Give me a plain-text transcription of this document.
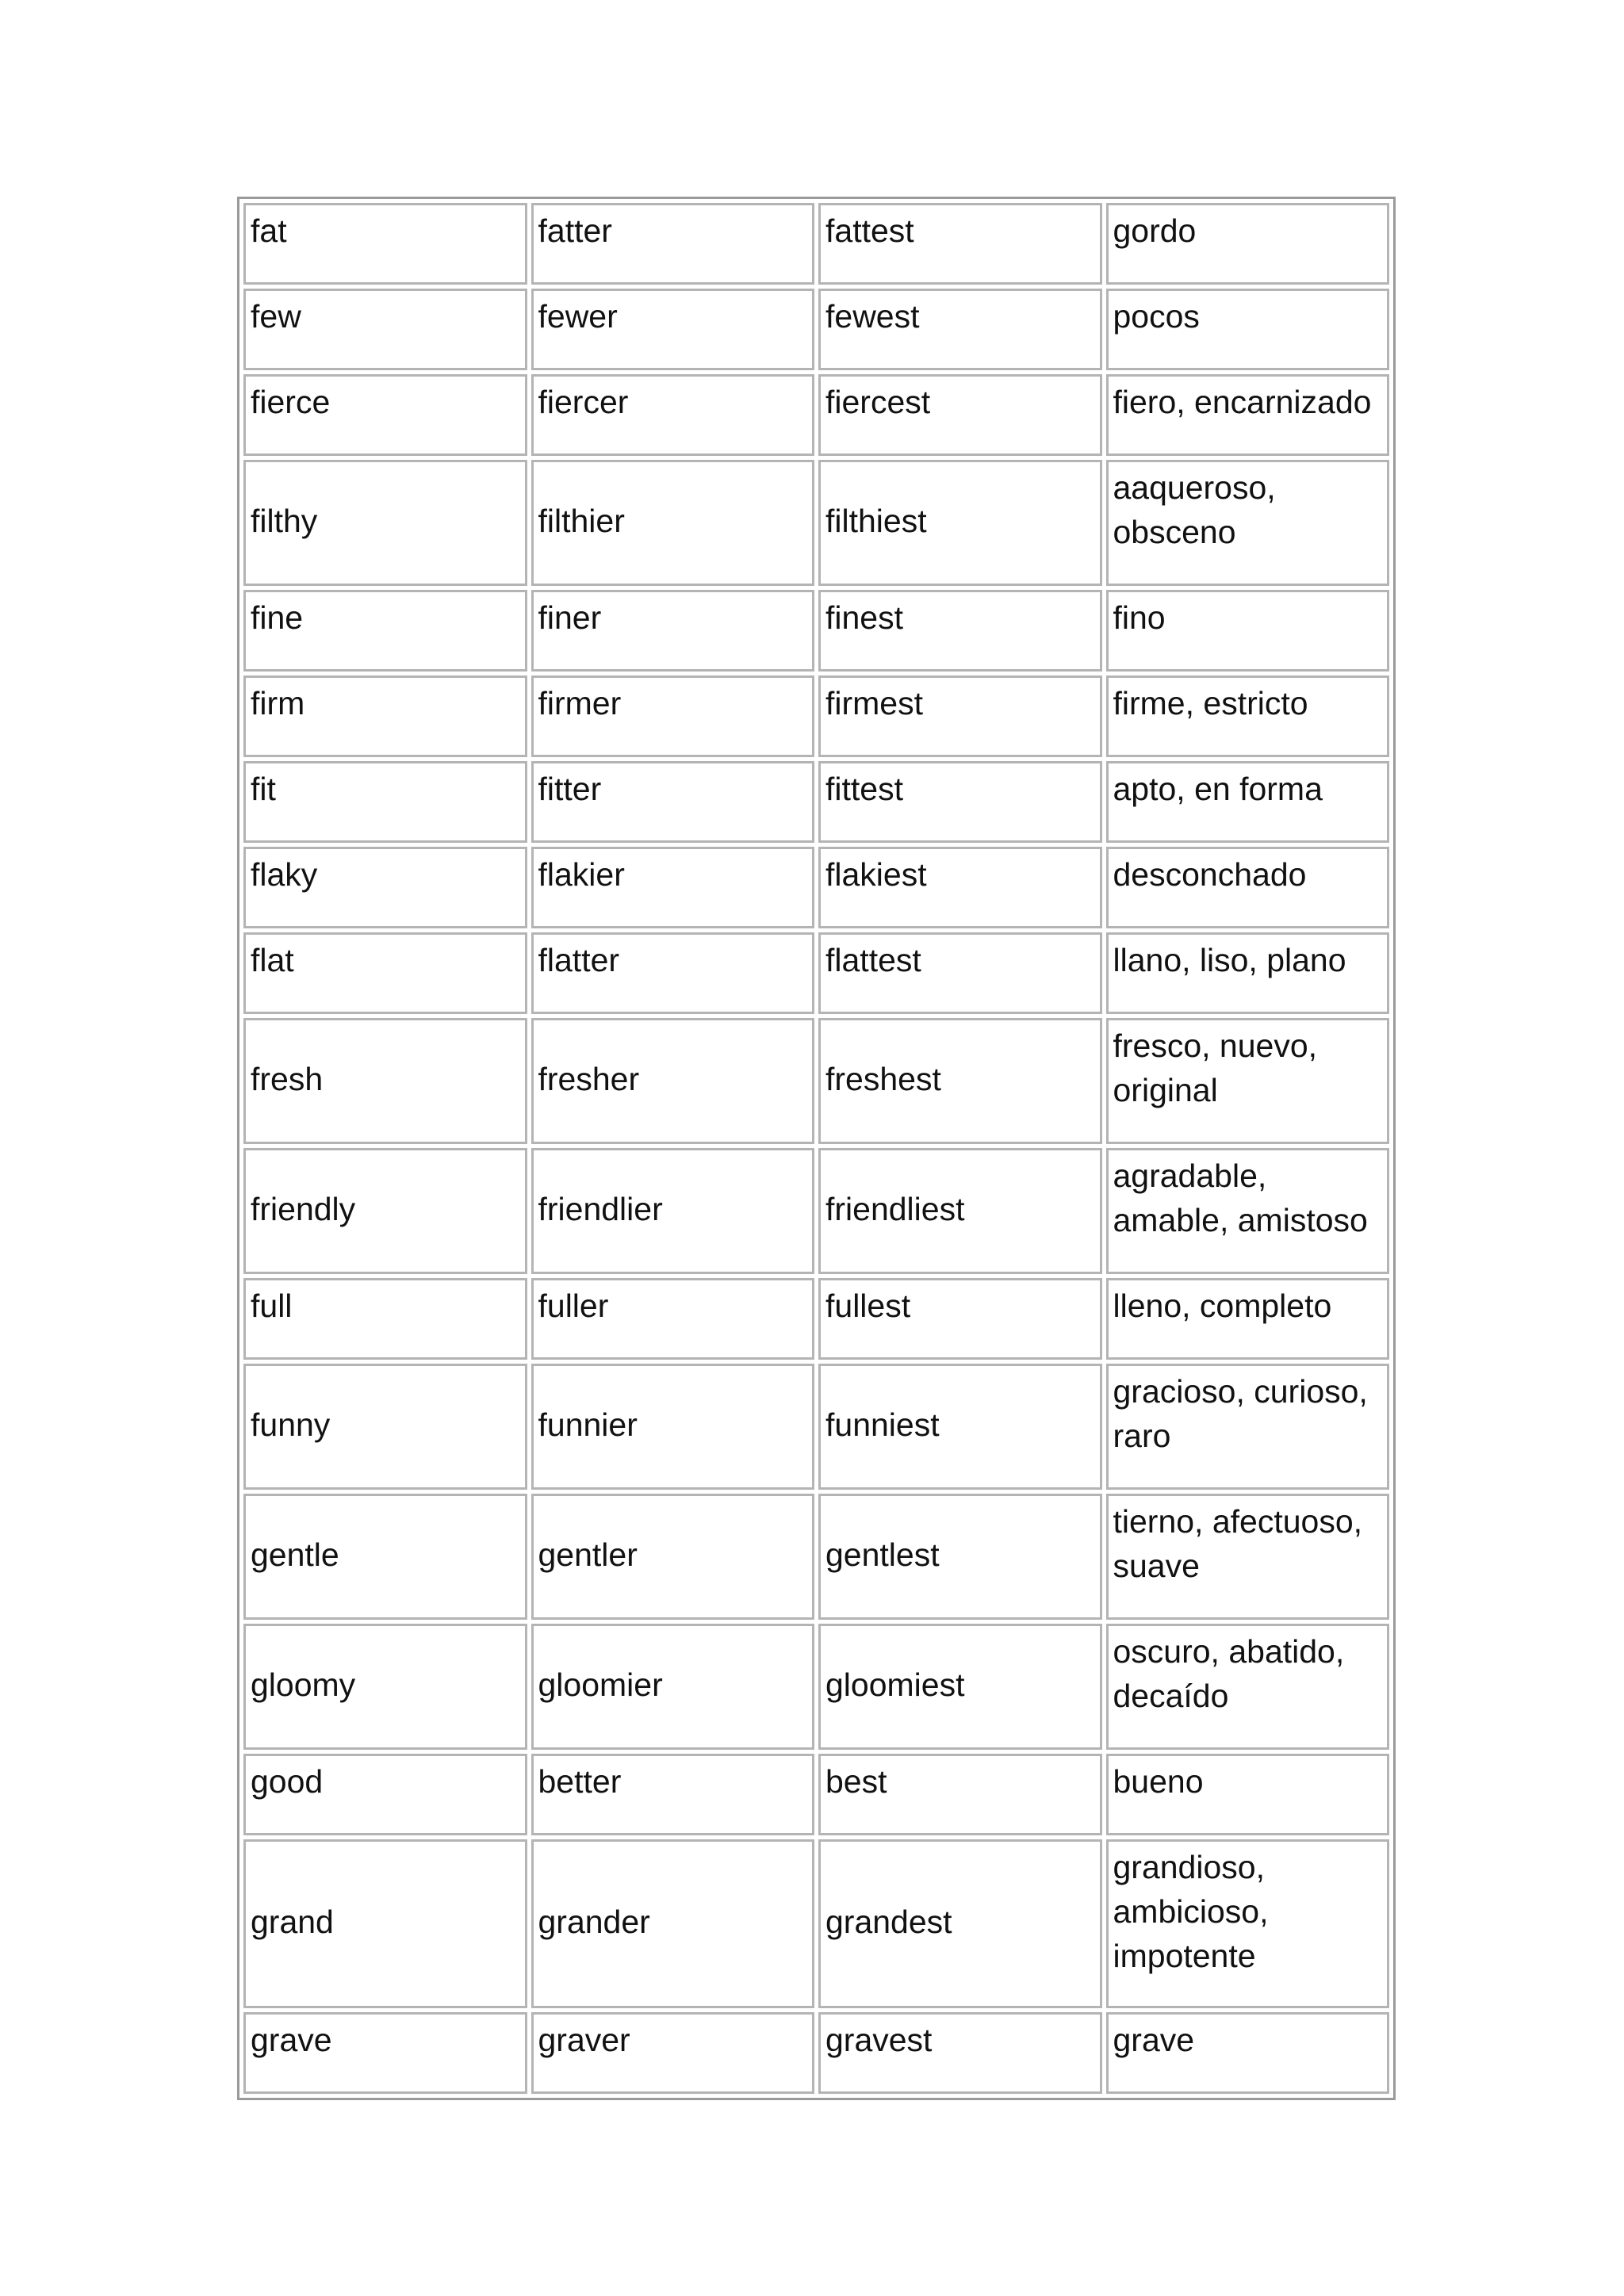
fat	fatter	fattest	gordo
few	fewer	fewest	pocos
fierce	fiercer	fiercest	fiero, encarnizado
filthy	filthier	filthiest	aaqueroso, obsceno
fine	finer	finest	fino
firm	firmer	firmest	firme, estricto
fit	fitter	fittest	apto, en forma
flaky	flakier	flakiest	desconchado
flat	flatter	flattest	llano, liso, plano
fresh	fresher	freshest	fresco, nuevo, original
friendly	friendlier	friendliest	agradable, amable, amistoso
full	fuller	fullest	lleno, completo
funny	funnier	funniest	gracioso, curioso, raro
gentle	gentler	gentlest	tierno, afectuoso, suave
gloomy	gloomier	gloomiest	oscuro, abatido, decaído
good	better	best	bueno
grand	grander	grandest	grandioso, ambicioso, impotente
grave	graver	gravest	grave
